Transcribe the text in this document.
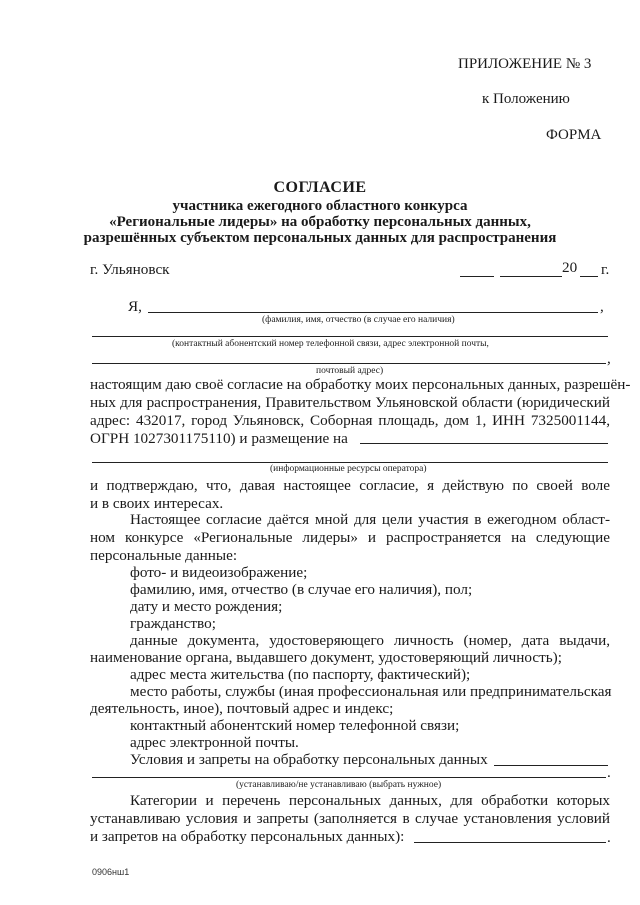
ПРИЛОЖЕНИЕ № 3
к Положению
ФОРМА
СОГЛАСИЕ
участника ежегодного областного конкурса
«Региональные лидеры» на обработку персональных данных,
разрешённых субъектом персональных данных для распространения
г. Ульяновск	20 г.
Я,	,
(фамилия, имя, отчество (в случае его наличия)
(контактный абонентский номер телефонной связи, адрес электронной почты,
,
почтовый адрес)
настоящим даю своё согласие на обработку моих персональных данных, разрешён-
ных для распространения, Правительством Ульяновской области (юридический
адрес: 432017, город Ульяновск, Соборная площадь, дом 1, ИНН 7325001144,
ОГРН 1027301175110) и размещение на
(информационные ресурсы оператора)
и подтверждаю, что, давая настоящее согласие, я действую по своей воле
и в своих интересах.
Настоящее согласие даётся мной для цели участия в ежегодном област-
ном конкурсе «Региональные лидеры» и распространяется на следующие
персональные данные:
фото- и видеоизображение;
фамилию, имя, отчество (в случае его наличия), пол;
дату и место рождения;
гражданство;
данные документа, удостоверяющего личность (номер, дата выдачи,
наименование органа, выдавшего документ, удостоверяющий личность);
адрес места жительства (по паспорту, фактический);
место работы, службы (иная профессиональная или предпринимательская
деятельность, иное), почтовый адрес и индекс;
контактный абонентский номер телефонной связи;
адрес электронной почты.
Условия и запреты на обработку персональных данных
.
(устанавливаю/не устанавливаю (выбрать нужное)
Категории и перечень персональных данных, для обработки которых
устанавливаю условия и запреты (заполняется в случае установления условий
и запретов на обработку персональных данных):	.
0906нш1
